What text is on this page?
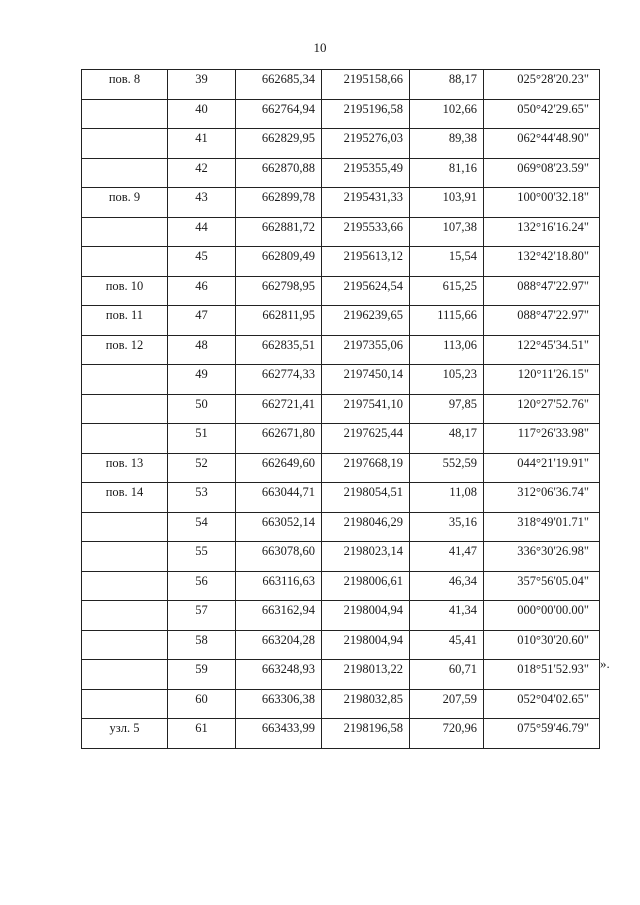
10
пов. 8	39	662685,34	2195158,66	88,17	025°28'20.23"
	40	662764,94	2195196,58	102,66	050°42'29.65"
	41	662829,95	2195276,03	89,38	062°44'48.90"
	42	662870,88	2195355,49	81,16	069°08'23.59"
пов. 9	43	662899,78	2195431,33	103,91	100°00'32.18"
	44	662881,72	2195533,66	107,38	132°16'16.24"
	45	662809,49	2195613,12	15,54	132°42'18.80"
пов. 10	46	662798,95	2195624,54	615,25	088°47'22.97"
пов. 11	47	662811,95	2196239,65	1115,66	088°47'22.97"
пов. 12	48	662835,51	2197355,06	113,06	122°45'34.51"
	49	662774,33	2197450,14	105,23	120°11'26.15"
	50	662721,41	2197541,10	97,85	120°27'52.76"
	51	662671,80	2197625,44	48,17	117°26'33.98"
пов. 13	52	662649,60	2197668,19	552,59	044°21'19.91"
пов. 14	53	663044,71	2198054,51	11,08	312°06'36.74"
	54	663052,14	2198046,29	35,16	318°49'01.71"
	55	663078,60	2198023,14	41,47	336°30'26.98"
	56	663116,63	2198006,61	46,34	357°56'05.04"
	57	663162,94	2198004,94	41,34	000°00'00.00"
	58	663204,28	2198004,94	45,41	010°30'20.60"
	59	663248,93	2198013,22	60,71	018°51'52.93"
	60	663306,38	2198032,85	207,59	052°04'02.65"
узл. 5	61	663433,99	2198196,58	720,96	075°59'46.79"
».
